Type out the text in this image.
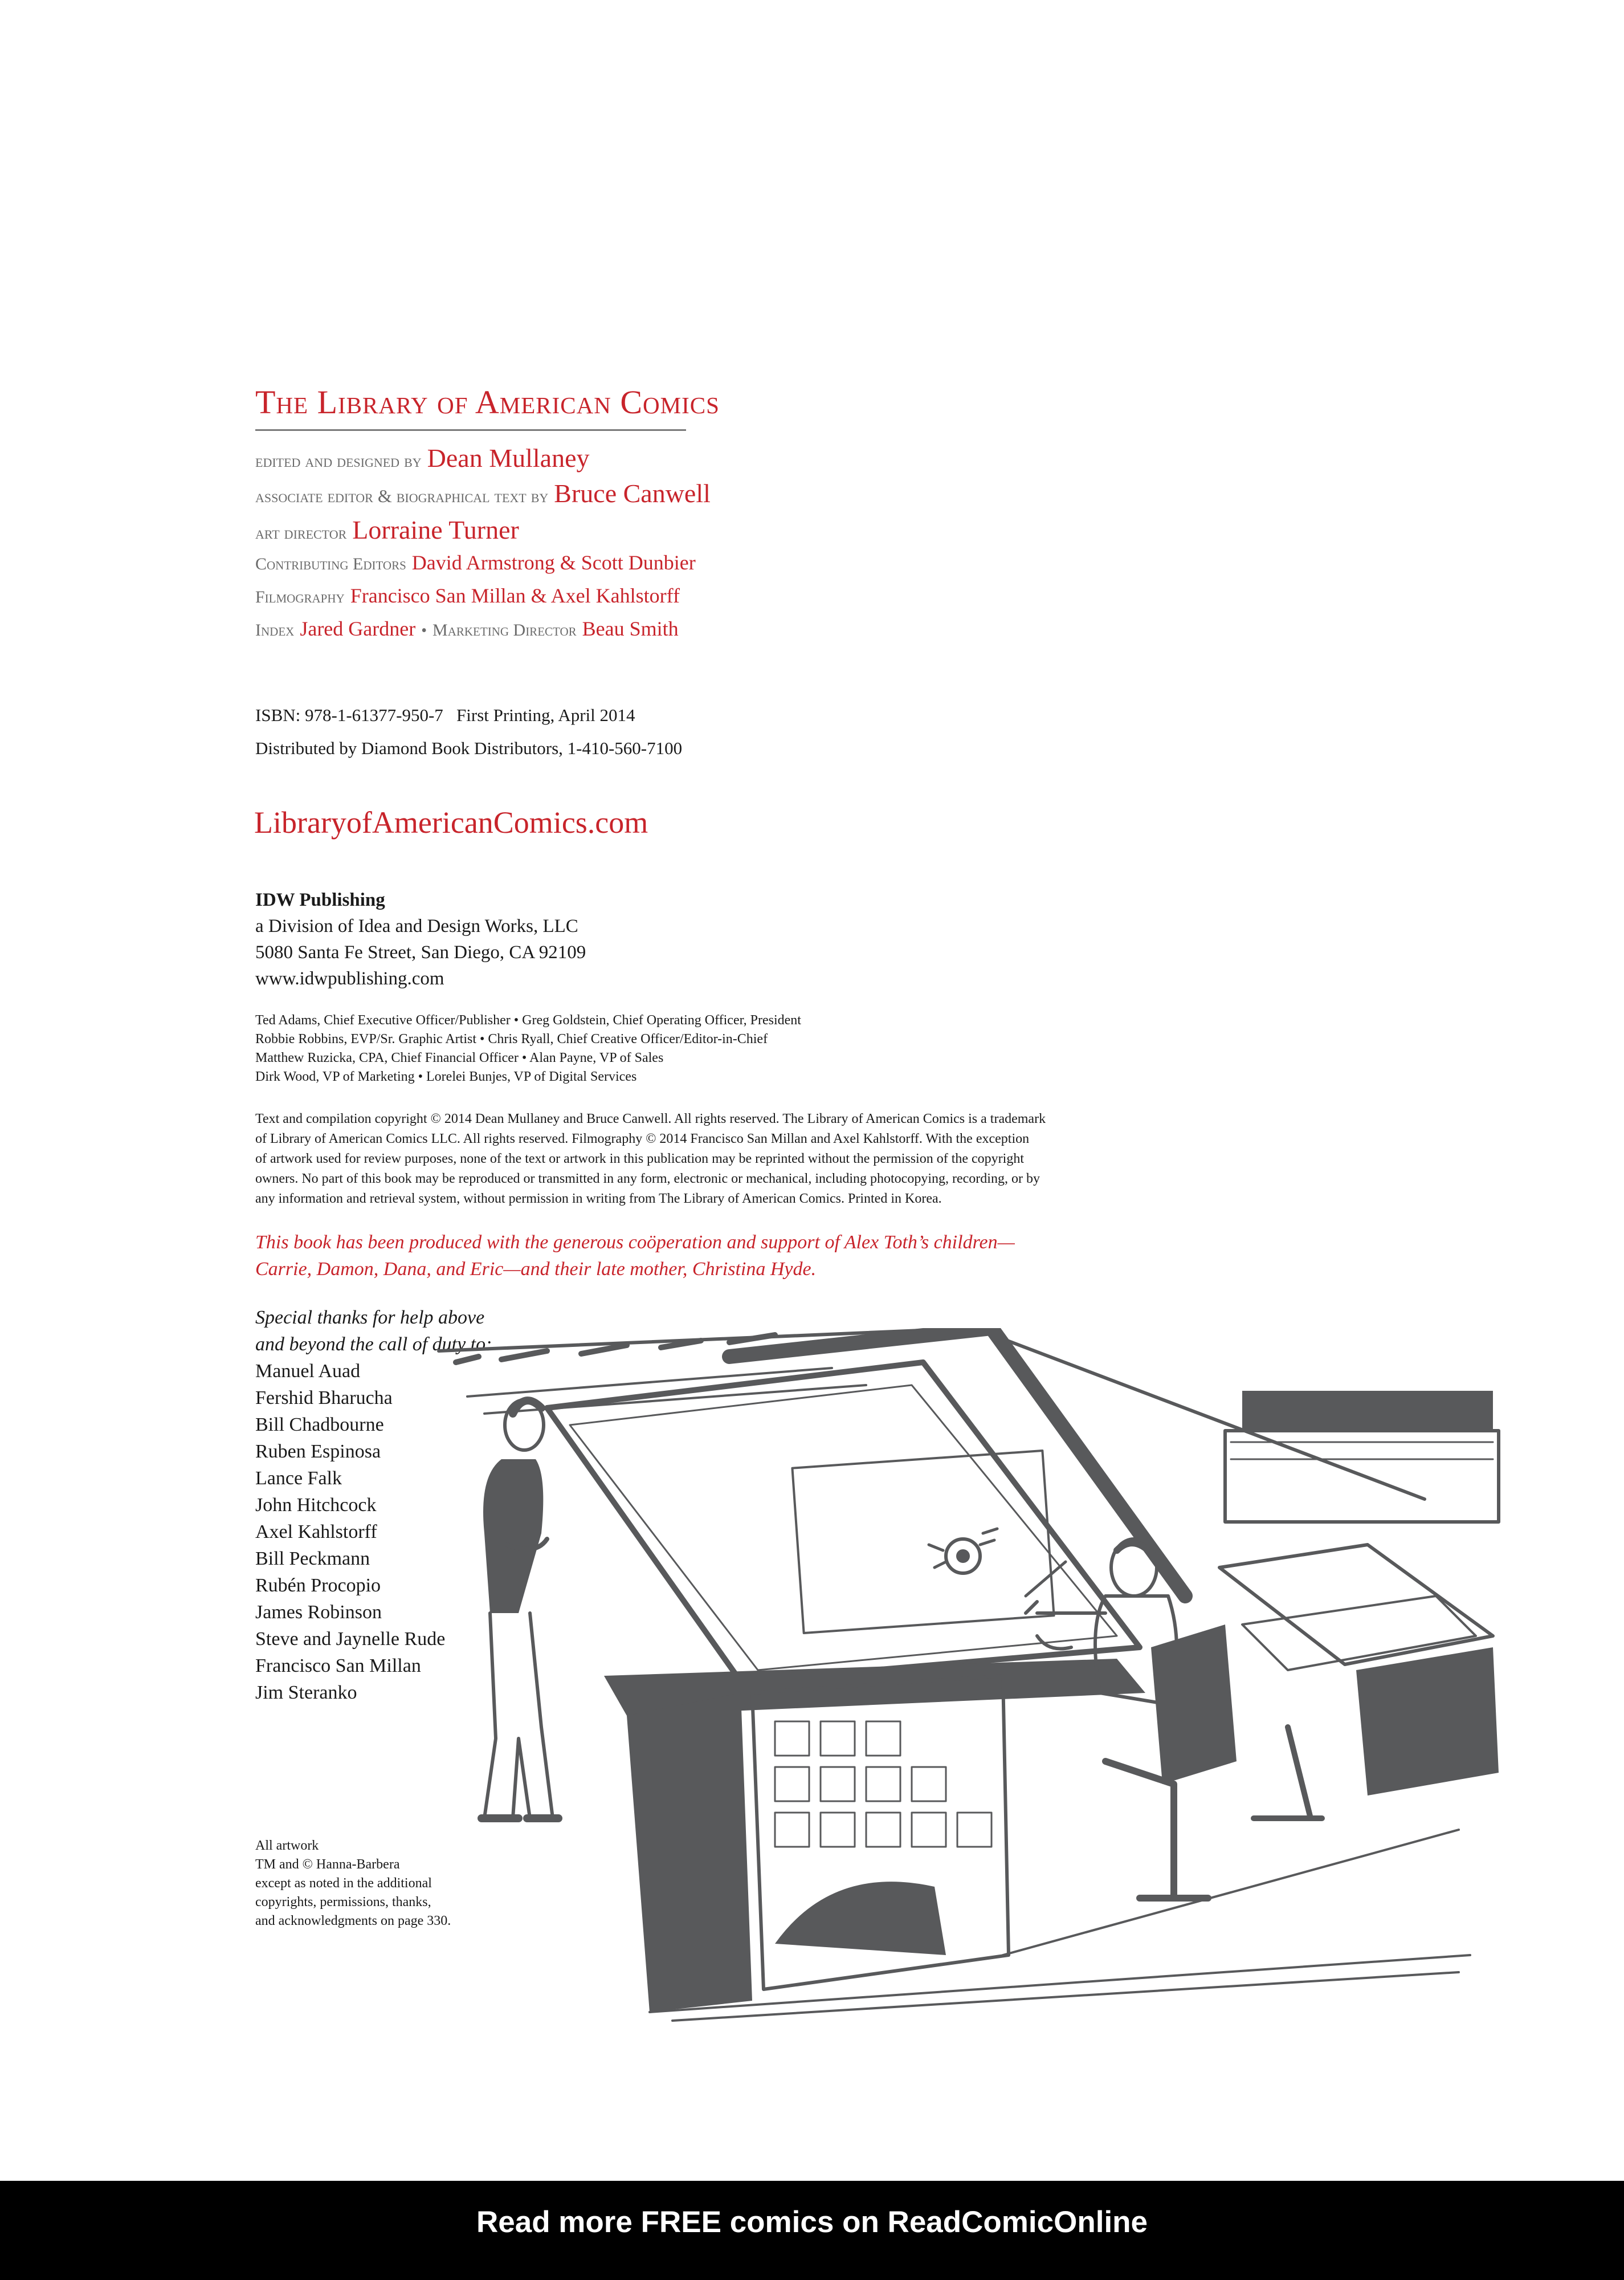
The Library of American Comics
edited and designed by Dean Mullaney
associate editor & biographical text by Bruce Canwell
art director Lorraine Turner
Contributing Editors David Armstrong & Scott Dunbier
Filmography Francisco San Millan & Axel Kahlstorff
Index Jared Gardner • Marketing Director Beau Smith
ISBN: 978-1-61377-950-7 First Printing, April 2014
Distributed by Diamond Book Distributors, 1-410-560-7100
LibraryofAmericanComics.com
IDW Publishing
a Division of Idea and Design Works, LLC
5080 Santa Fe Street, San Diego, CA 92109
www.idwpublishing.com
Ted Adams, Chief Executive Officer/Publisher • Greg Goldstein, Chief Operating Officer, President
Robbie Robbins, EVP/Sr. Graphic Artist • Chris Ryall, Chief Creative Officer/Editor-in-Chief
Matthew Ruzicka, CPA, Chief Financial Officer • Alan Payne, VP of Sales
Dirk Wood, VP of Marketing • Lorelei Bunjes, VP of Digital Services
Text and compilation copyright © 2014 Dean Mullaney and Bruce Canwell. All rights reserved. The Library of American Comics is a trademark
of Library of American Comics LLC. All rights reserved. Filmography © 2014 Francisco San Millan and Axel Kahlstorff. With the exception
of artwork used for review purposes, none of the text or artwork in this publication may be reprinted without the permission of the copyright
owners. No part of this book may be reproduced or transmitted in any form, electronic or mechanical, including photocopying, recording, or by
any information and retrieval system, without permission in writing from The Library of American Comics. Printed in Korea.
This book has been produced with the generous coöperation and support of Alex Toth’s children—
Carrie, Damon, Dana, and Eric—and their late mother, Christina Hyde.
Special thanks for help above and beyond the call of duty to:
Manuel Auad
Fershid Bharucha
Bill Chadbourne
Ruben Espinosa
Lance Falk
John Hitchcock
Axel Kahlstorff
Bill Peckmann
Rubén Procopio
James Robinson
Steve and Jaynelle Rude
Francisco San Millan
Jim Steranko
All artwork
TM and © Hanna-Barbera
except as noted in the additional
copyrights, permissions, thanks,
and acknowledgments on page 330.
Read more FREE comics on ReadComicOnline
